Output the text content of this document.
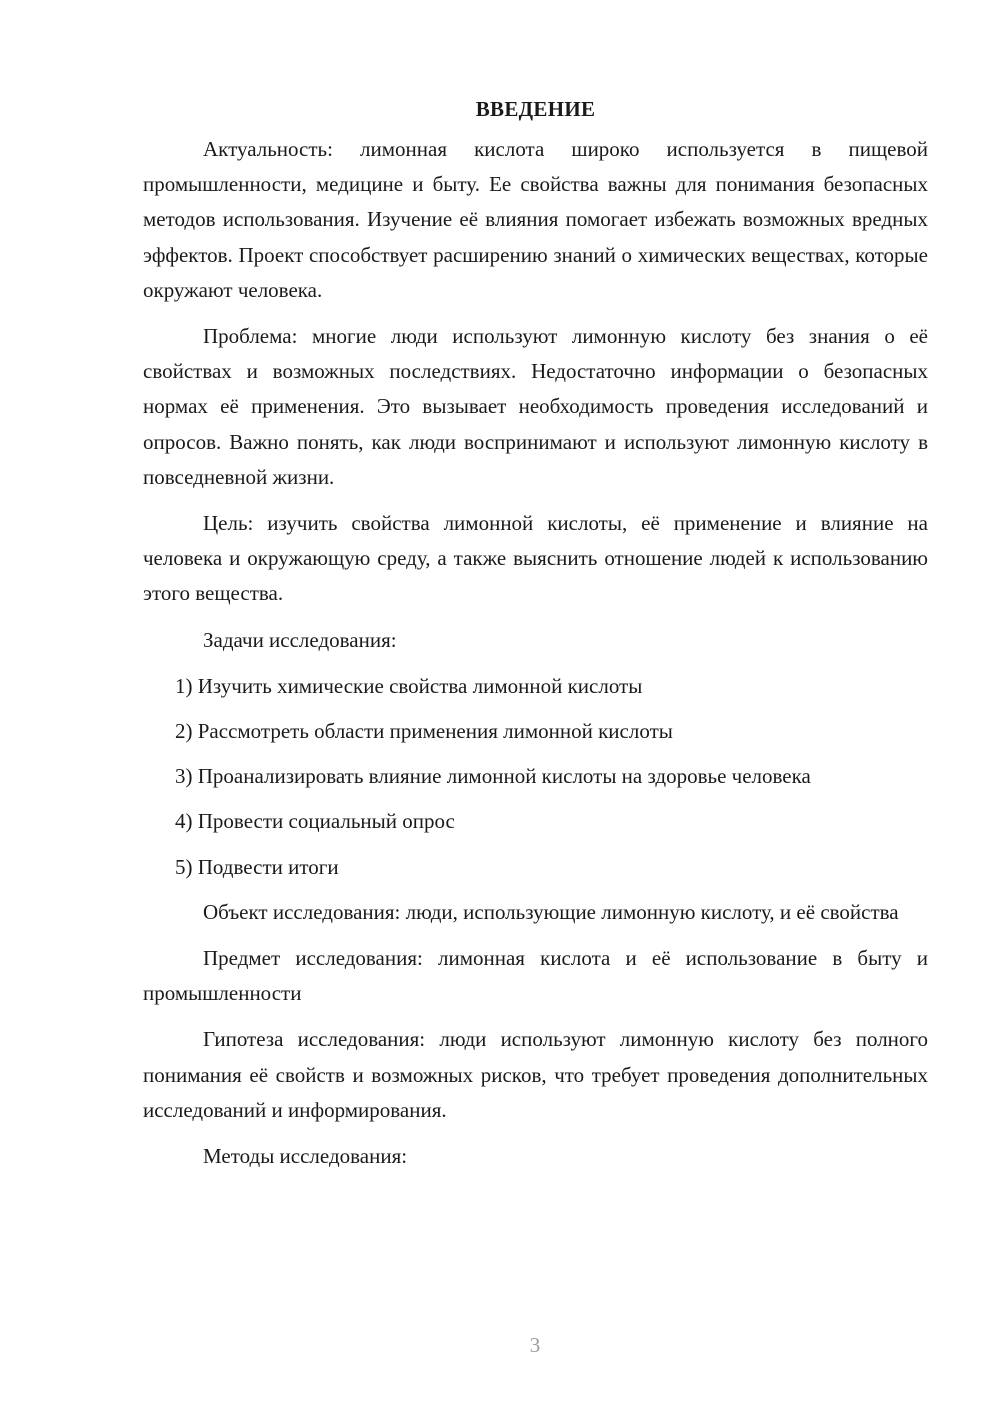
ВВЕДЕНИЕ

Актуальность: лимонная кислота широко используется в пищевой промышленности, медицине и быту. Ее свойства важны для понимания безопасных методов использования. Изучение её влияния помогает избежать возможных вредных эффектов. Проект способствует расширению знаний о химических веществах, которые окружают человека.

Проблема: многие люди используют лимонную кислоту без знания о её свойствах и возможных последствиях. Недостаточно информации о безопасных нормах её применения. Это вызывает необходимость проведения исследований и опросов. Важно понять, как люди воспринимают и используют лимонную кислоту в повседневной жизни.

Цель: изучить свойства лимонной кислоты, её применение и влияние на человека и окружающую среду, а также выяснить отношение людей к использованию этого вещества.

Задачи исследования:

1) Изучить химические свойства лимонной кислоты

2) Рассмотреть области применения лимонной кислоты

3) Проанализировать влияние лимонной кислоты на здоровье человека

4) Провести социальный опрос

5) Подвести итоги

Объект исследования: люди, использующие лимонную кислоту, и её свойства

Предмет исследования: лимонная кислота и её использование в быту и промышленности

Гипотеза исследования: люди используют лимонную кислоту без полного понимания её свойств и возможных рисков, что требует проведения дополнительных исследований и информирования.

Методы исследования:

3
